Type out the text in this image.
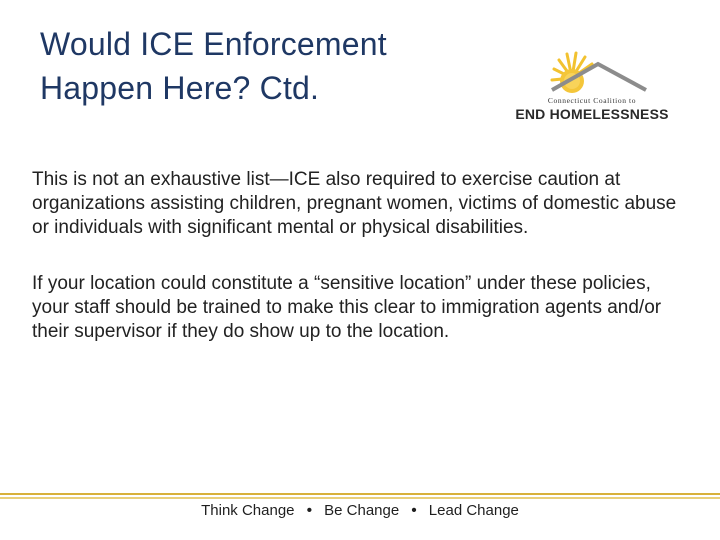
Would ICE Enforcement
Happen Here? Ctd.	Connecticut Coalition to
END HOMELESSNESS

This is not an exhaustive list—ICE also required to exercise caution at organizations assisting children, pregnant women, victims of domestic abuse or individuals with significant mental or physical disabilities.

If your location could constitute a “sensitive location” under these policies, your staff should be trained to make this clear to immigration agents and/or their supervisor if they do show up to the location.

Think Change • Be Change • Lead Change
